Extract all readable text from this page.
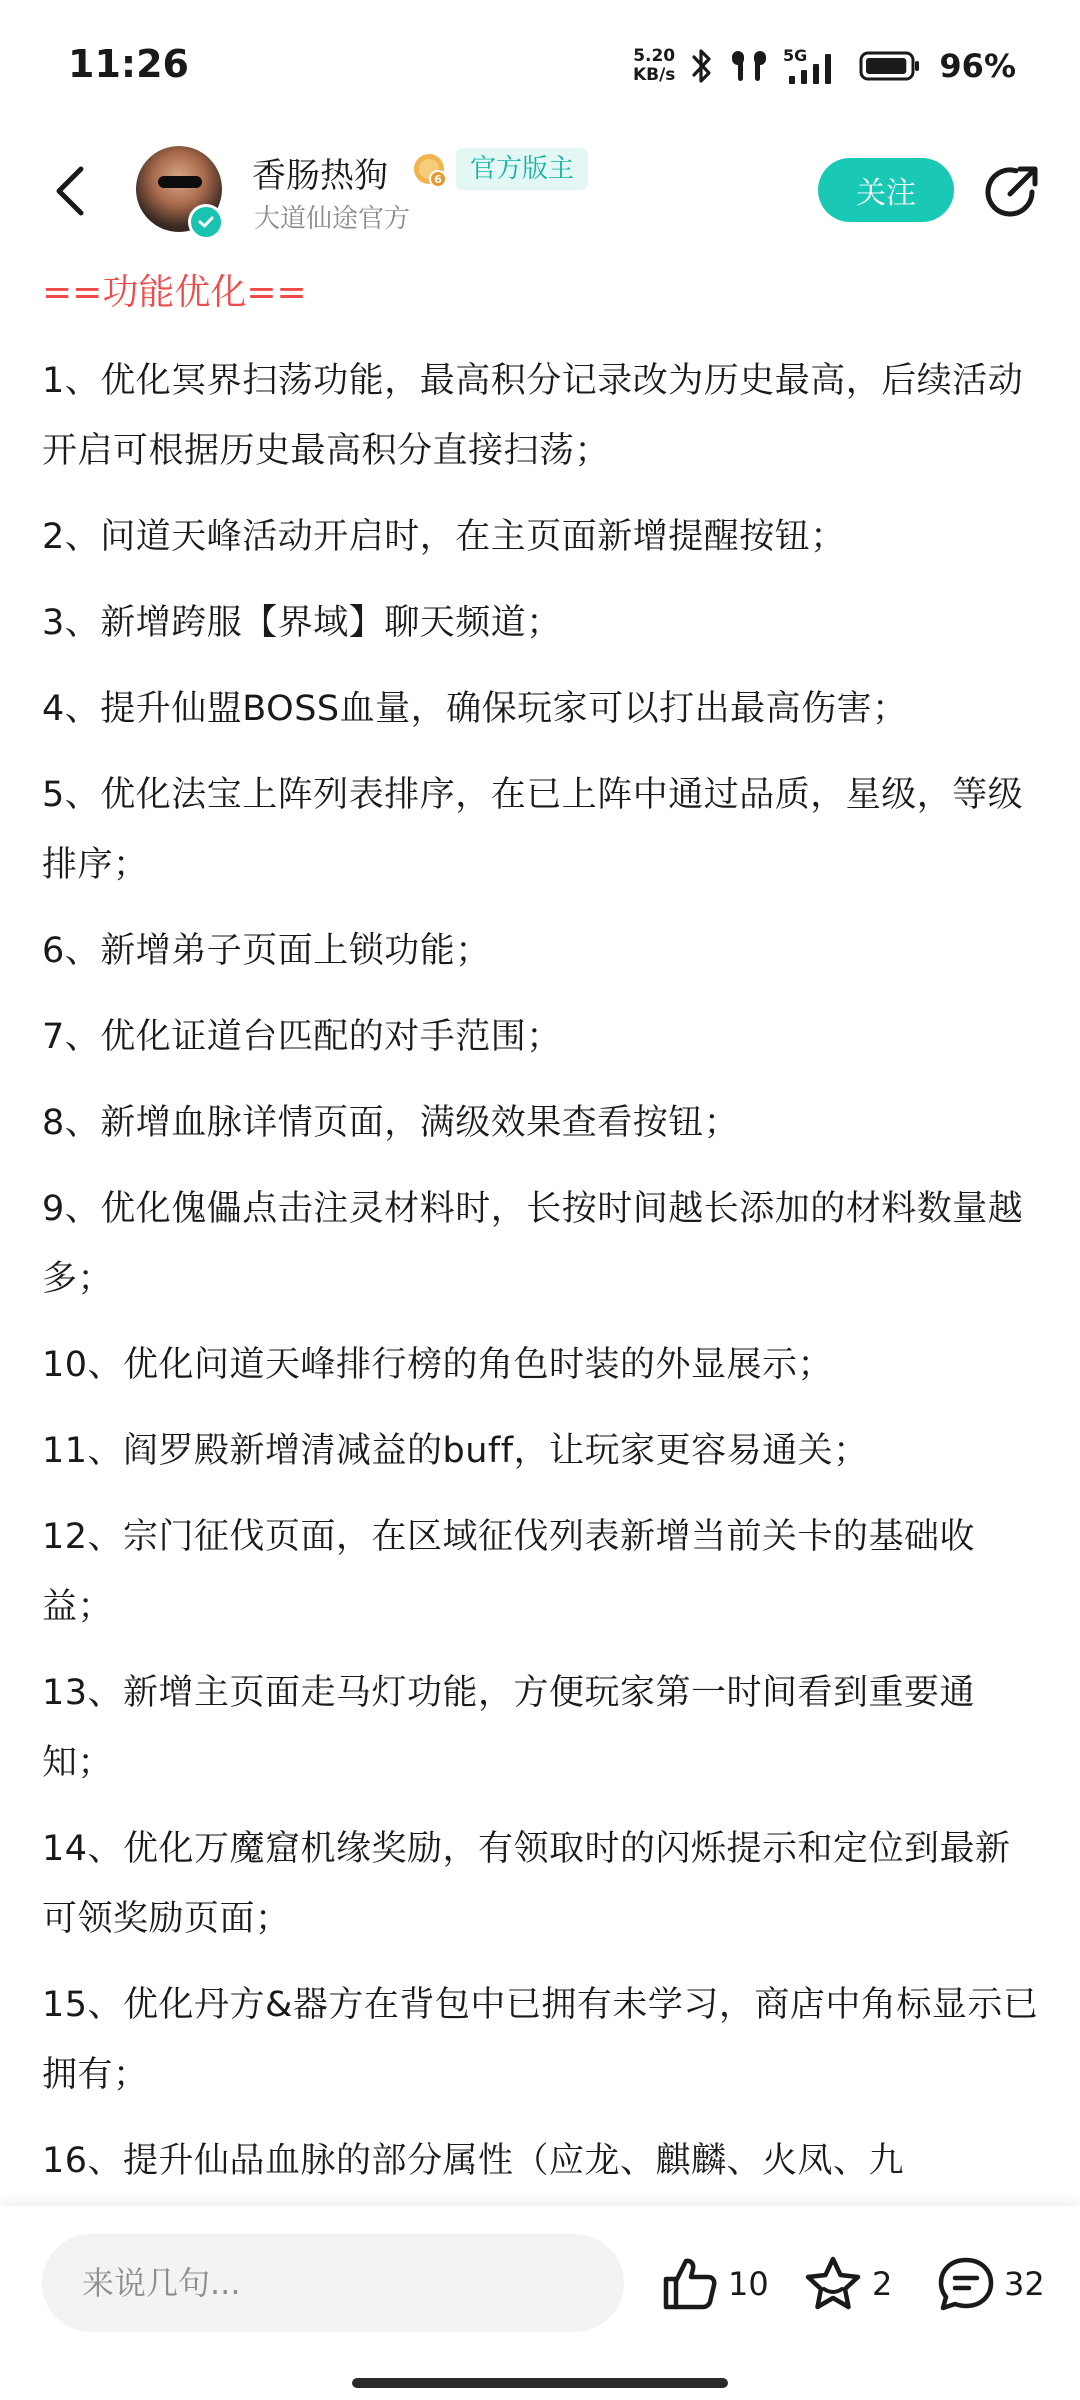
11:26	5.20
KB/s
5G	96%
香肠热狗	6	官方版主
大道仙途官方
关注
==功能优化==

1、优化冥界扫荡功能，最高积分记录改为历史最高，后续活动开启可根据历史最高积分直接扫荡；

2、问道天峰活动开启时，在主页面新增提醒按钮；

3、新增跨服【界域】聊天频道；

4、提升仙盟BOSS血量，确保玩家可以打出最高伤害；

5、优化法宝上阵列表排序，在已上阵中通过品质，星级，等级排序；

6、新增弟子页面上锁功能；

7、优化证道台匹配的对手范围；

8、新增血脉详情页面，满级效果查看按钮；

9、优化傀儡点击注灵材料时，长按时间越长添加的材料数量越多；

10、优化问道天峰排行榜的角色时装的外显展示；

11、阎罗殿新增清减益的buff，让玩家更容易通关；

12、宗门征伐页面，在区域征伐列表新增当前关卡的基础收益；

13、新增主页面走马灯功能，方便玩家第一时间看到重要通知；

14、优化万魔窟机缘奖励，有领取时的闪烁提示和定位到最新可领奖励页面；

15、优化丹方&器方在背包中已拥有未学习，商店中角标显示已拥有；

16、提升仙品血脉的部分属性（应龙、麒麟、火凤、九

来说几句...
10	2	32
